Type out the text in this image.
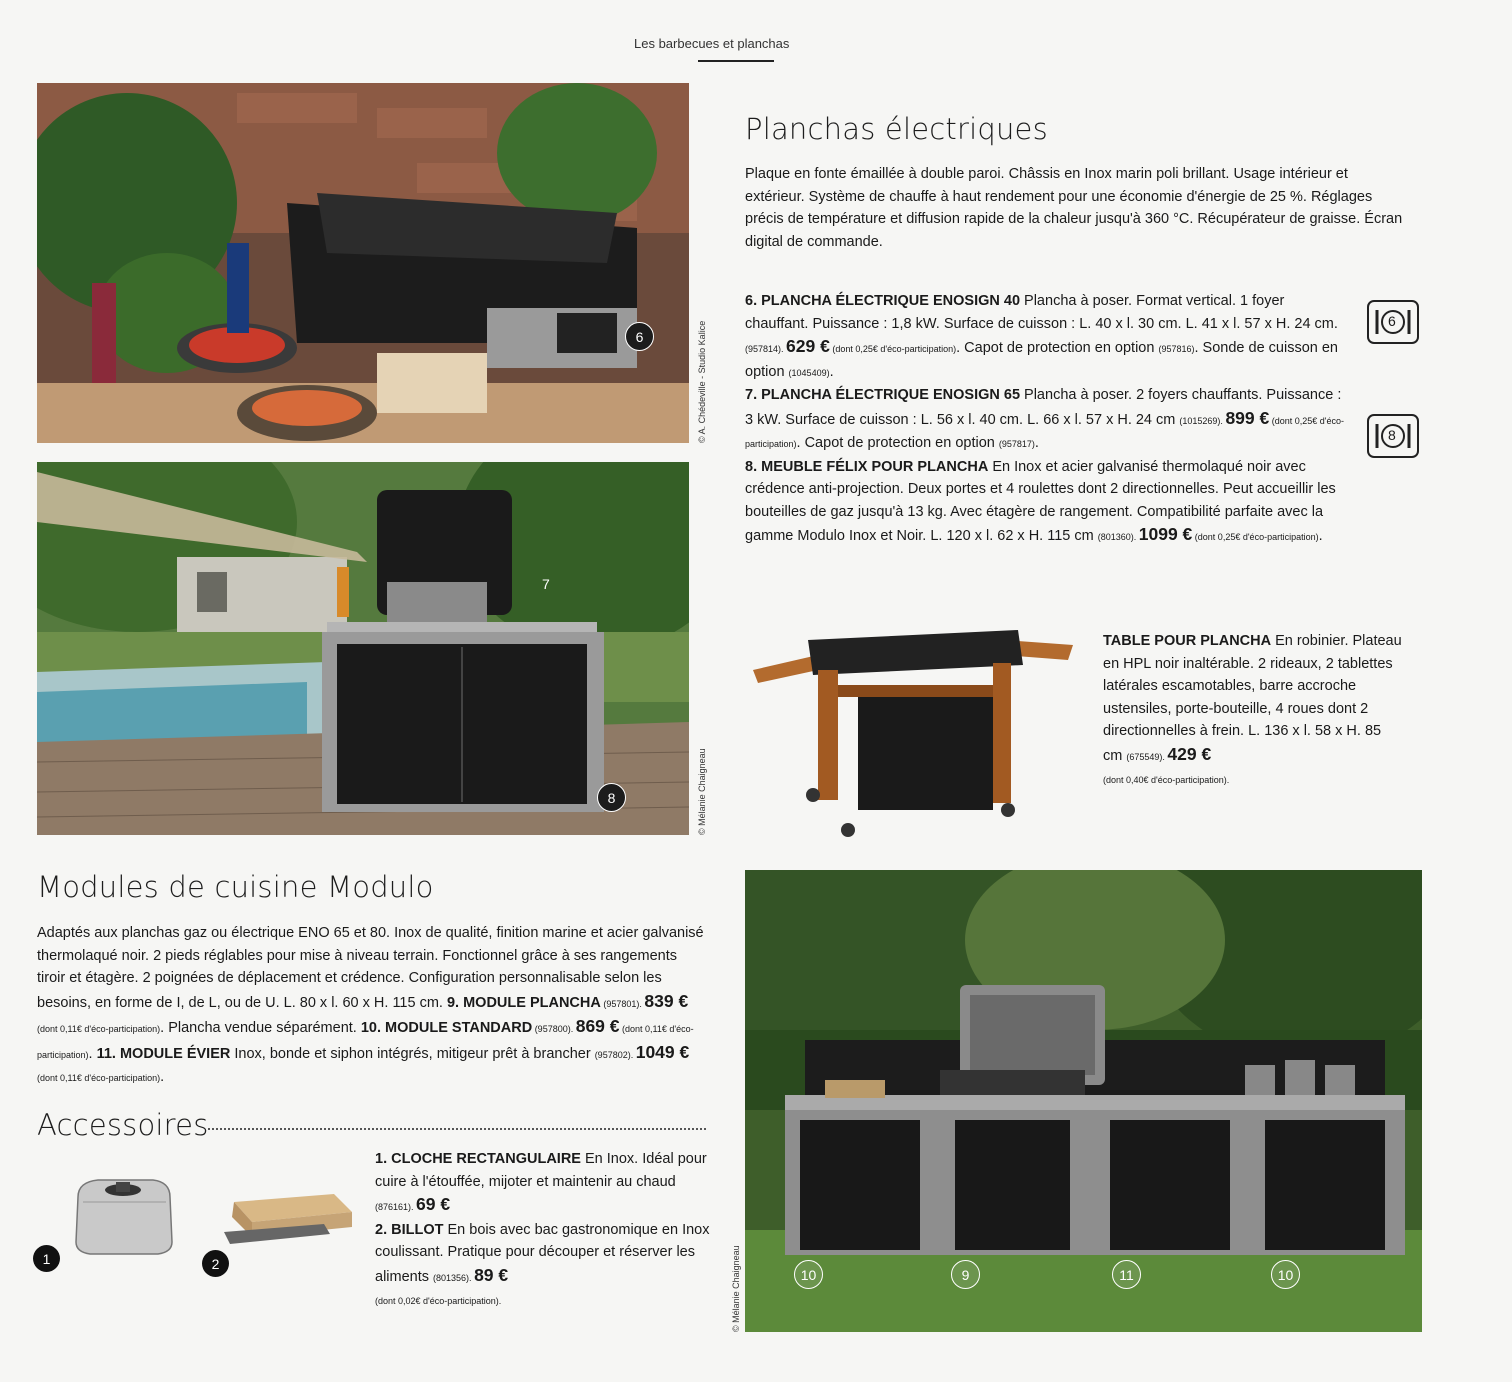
Les barbecues et planchas
6	© A. Chédeville - Studio Kalice
7
8	© Mélanie Chaigneau
Planchas électriques
Plaque en fonte émaillée à double paroi. Châssis en Inox marin poli brillant. Usage intérieur et extérieur. Système de chauffe à haut rendement pour une économie d'énergie de 25 %. Réglages précis de température et diffusion rapide de la chaleur jusqu'à 360 °C. Récupérateur de graisse. Écran digital de commande.
6. PLANCHA ÉLECTRIQUE ENOSIGN 40 Plancha à poser. Format vertical. 1 foyer chauffant. Puissance : 1,8 kW. Surface de cuisson : L. 40 x l. 30 cm. L. 41 x l. 57 x H. 24 cm. (957814). 629 € (dont 0,25€ d'éco-participation). Capot de protection en option (957816). Sonde de cuisson en option (1045409).
7. PLANCHA ÉLECTRIQUE ENOSIGN 65 Plancha à poser. 2 foyers chauffants. Puissance : 3 kW. Surface de cuisson : L. 56 x l. 40 cm. L. 66 x l. 57 x H. 24 cm (1015269). 899 € (dont 0,25€ d'éco-participation). Capot de protection en option (957817).
8. MEUBLE FÉLIX POUR PLANCHA En Inox et acier galvanisé thermolaqué noir avec crédence anti-projection. Deux portes et 4 roulettes dont 2 directionnelles. Peut accueillir les bouteilles de gaz jusqu'à 13 kg. Avec étagère de rangement. Compatibilité parfaite avec la gamme Modulo Inox et Noir. L. 120 x l. 62 x H. 115 cm (801360). 1099 € (dont 0,25€ d'éco-participation).
6
8
TABLE POUR PLANCHA En robinier. Plateau en HPL noir inaltérable. 2 rideaux, 2 tablettes latérales escamotables, barre accroche ustensiles, porte-bouteille, 4 roues dont 2 directionnelles à frein. L. 136 x l. 58 x H. 85 cm (675549). 429 €
(dont 0,40€ d'éco-participation).
10	9	11	10
© Mélanie Chaigneau
Modules de cuisine Modulo
Adaptés aux planchas gaz ou électrique ENO 65 et 80. Inox de qualité, finition marine et acier galvanisé thermolaqué noir. 2 pieds réglables pour mise à niveau terrain. Fonctionnel grâce à ses rangements tiroir et étagère. 2 poignées de déplacement et crédence. Configuration personnalisable selon les besoins, en forme de I, de L, ou de U. L. 80 x l. 60 x H. 115 cm. 9. MODULE PLANCHA (957801). 839 € (dont 0,11€ d'éco-participation). Plancha vendue séparément. 10. MODULE STANDARD (957800). 869 € (dont 0,11€ d'éco-participation). 11. MODULE ÉVIER Inox, bonde et siphon intégrés, mitigeur prêt à brancher (957802). 1049 € (dont 0,11€ d'éco-participation).
Accessoires
1	2
1. CLOCHE RECTANGULAIRE En Inox. Idéal pour cuire à l'étouffée, mijoter et maintenir au chaud (876161). 69 €
2. BILLOT En bois avec bac gastronomique en Inox coulissant. Pratique pour découper et réserver les aliments (801356). 89 €
(dont 0,02€ d'éco-participation).
